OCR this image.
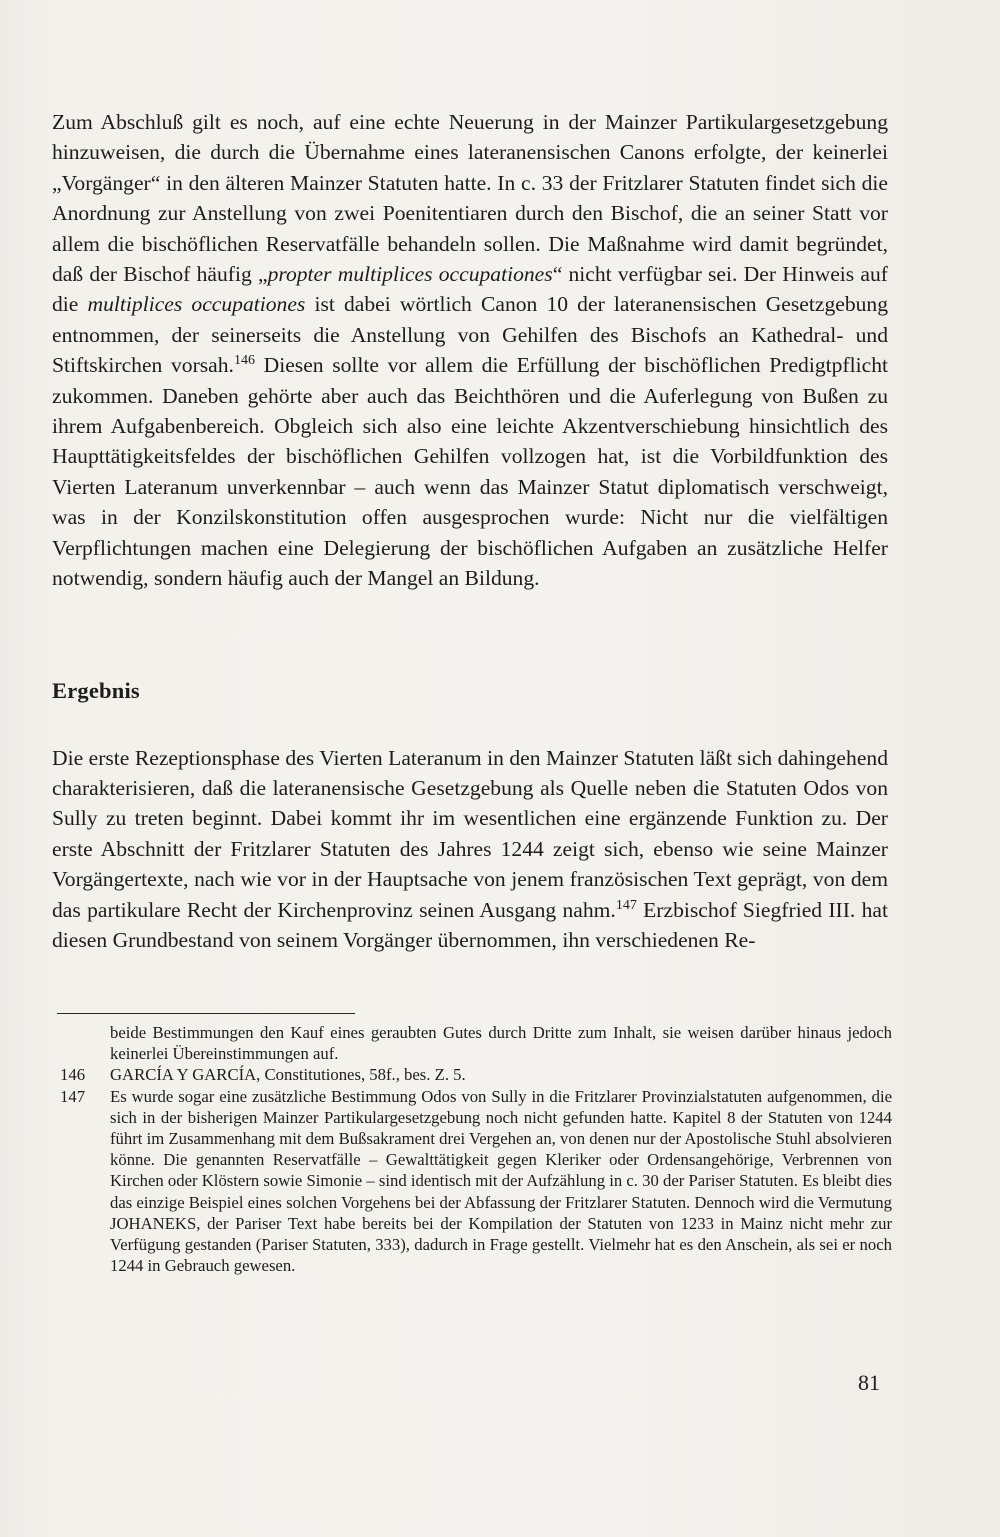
Zum Abschluß gilt es noch, auf eine echte Neuerung in der Mainzer Partikulargesetzgebung hinzuweisen, die durch die Übernahme eines lateranensischen Canons erfolgte, der keinerlei „Vorgänger“ in den älteren Mainzer Statuten hatte. In c. 33 der Fritzlarer Statuten findet sich die Anordnung zur Anstellung von zwei Poenitentiaren durch den Bischof, die an seiner Statt vor allem die bischöflichen Reservatfälle behandeln sollen. Die Maßnahme wird damit begründet, daß der Bischof häufig „propter multiplices occupationes“ nicht verfügbar sei. Der Hinweis auf die multiplices occupationes ist dabei wörtlich Canon 10 der lateranensischen Gesetzgebung entnommen, der seinerseits die Anstellung von Gehilfen des Bischofs an Kathedral- und Stiftskirchen vorsah.$^{146}$ Diesen sollte vor allem die Erfüllung der bischöflichen Predigtpflicht zukommen. Daneben gehörte aber auch das Beichthören und die Auferlegung von Bußen zu ihrem Aufgabenbereich. Obgleich sich also eine leichte Akzentverschiebung hinsichtlich des Haupttätigkeitsfeldes der bischöflichen Gehilfen vollzogen hat, ist die Vorbildfunktion des Vierten Lateranum unverkennbar – auch wenn das Mainzer Statut diplomatisch verschweigt, was in der Konzilskonstitution offen ausgesprochen wurde: Nicht nur die vielfältigen Verpflichtungen machen eine Delegierung der bischöflichen Aufgaben an zusätzliche Helfer notwendig, sondern häufig auch der Mangel an Bildung.

Ergebnis

Die erste Rezeptionsphase des Vierten Lateranum in den Mainzer Statuten läßt sich dahingehend charakterisieren, daß die lateranensische Gesetzgebung als Quelle neben die Statuten Odos von Sully zu treten beginnt. Dabei kommt ihr im wesentlichen eine ergänzende Funktion zu. Der erste Abschnitt der Fritzlarer Statuten des Jahres 1244 zeigt sich, ebenso wie seine Mainzer Vorgängertexte, nach wie vor in der Hauptsache von jenem französischen Text geprägt, von dem das partikulare Recht der Kirchenprovinz seinen Ausgang nahm.$^{147}$ Erzbischof Siegfried III. hat diesen Grundbestand von seinem Vorgänger übernommen, ihn verschiedenen Re-

beide Bestimmungen den Kauf eines geraubten Gutes durch Dritte zum Inhalt, sie weisen darüber hinaus jedoch keinerlei Übereinstimmungen auf.
146	GARCÍA Y GARCÍA, Constitutiones, 58f., bes. Z. 5.
147	Es wurde sogar eine zusätzliche Bestimmung Odos von Sully in die Fritzlarer Provinzialstatuten aufgenommen, die sich in der bisherigen Mainzer Partikulargesetzgebung noch nicht gefunden hatte. Kapitel 8 der Statuten von 1244 führt im Zusammenhang mit dem Bußsakrament drei Vergehen an, von denen nur der Apostolische Stuhl absolvieren könne. Die genannten Reservatfälle – Gewalttätigkeit gegen Kleriker oder Ordensangehörige, Verbrennen von Kirchen oder Klöstern sowie Simonie – sind identisch mit der Aufzählung in c. 30 der Pariser Statuten. Es bleibt dies das einzige Beispiel eines solchen Vorgehens bei der Abfassung der Fritzlarer Statuten. Dennoch wird die Vermutung JOHANEKS, der Pariser Text habe bereits bei der Kompilation der Statuten von 1233 in Mainz nicht mehr zur Verfügung gestanden (Pariser Statuten, 333), dadurch in Frage gestellt. Vielmehr hat es den Anschein, als sei er noch 1244 in Gebrauch gewesen.
81
